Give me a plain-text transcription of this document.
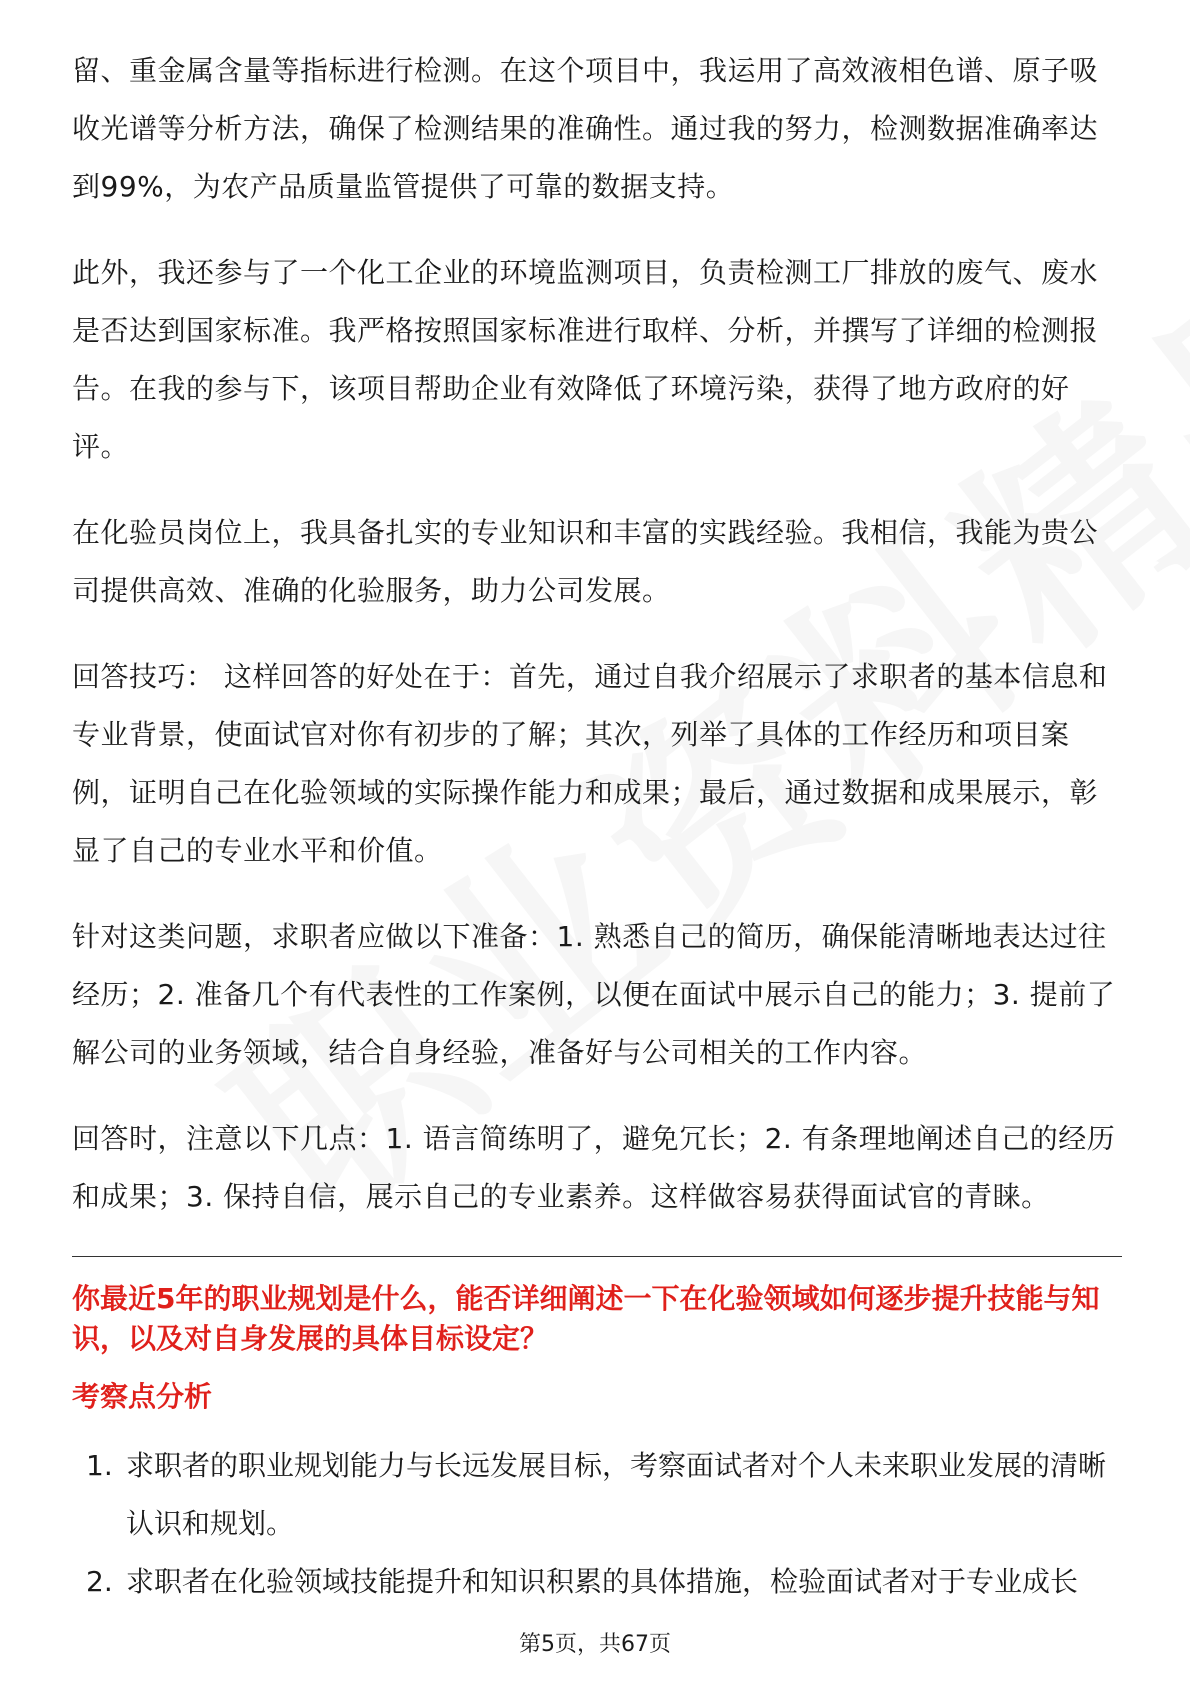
留、重金属含量等指标进行检测。在这个项目中，我运用了高效液相色谱、原子吸收光谱等分析方法，确保了检测结果的准确性。通过我的努力，检测数据准确率达到99%，为农产品质量监管提供了可靠的数据支持。

此外，我还参与了一个化工企业的环境监测项目，负责检测工厂排放的废气、废水是否达到国家标准。我严格按照国家标准进行取样、分析，并撰写了详细的检测报告。在我的参与下，该项目帮助企业有效降低了环境污染，获得了地方政府的好评。

在化验员岗位上，我具备扎实的专业知识和丰富的实践经验。我相信，我能为贵公司提供高效、准确的化验服务，助力公司发展。

回答技巧： 这样回答的好处在于：首先，通过自我介绍展示了求职者的基本信息和专业背景，使面试官对你有初步的了解；其次，列举了具体的工作经历和项目案例，证明自己在化验领域的实际操作能力和成果；最后，通过数据和成果展示，彰显了自己的专业水平和价值。

针对这类问题，求职者应做以下准备：1. 熟悉自己的简历，确保能清晰地表达过往经历；2. 准备几个有代表性的工作案例，以便在面试中展示自己的能力；3. 提前了解公司的业务领域，结合自身经验，准备好与公司相关的工作内容。

回答时，注意以下几点：1. 语言简练明了，避免冗长；2. 有条理地阐述自己的经历和成果；3. 保持自信，展示自己的专业素养。这样做容易获得面试官的青睐。

你最近5年的职业规划是什么，能否详细阐述一下在化验领域如何逐步提升技能与知识，以及对自身发展的具体目标设定？

考察点分析

1. 求职者的职业规划能力与长远发展目标，考察面试者对个人未来职业发展的清晰认识和规划。
2. 求职者在化验领域技能提升和知识积累的具体措施，检验面试者对于专业成长
第5页，共67页
